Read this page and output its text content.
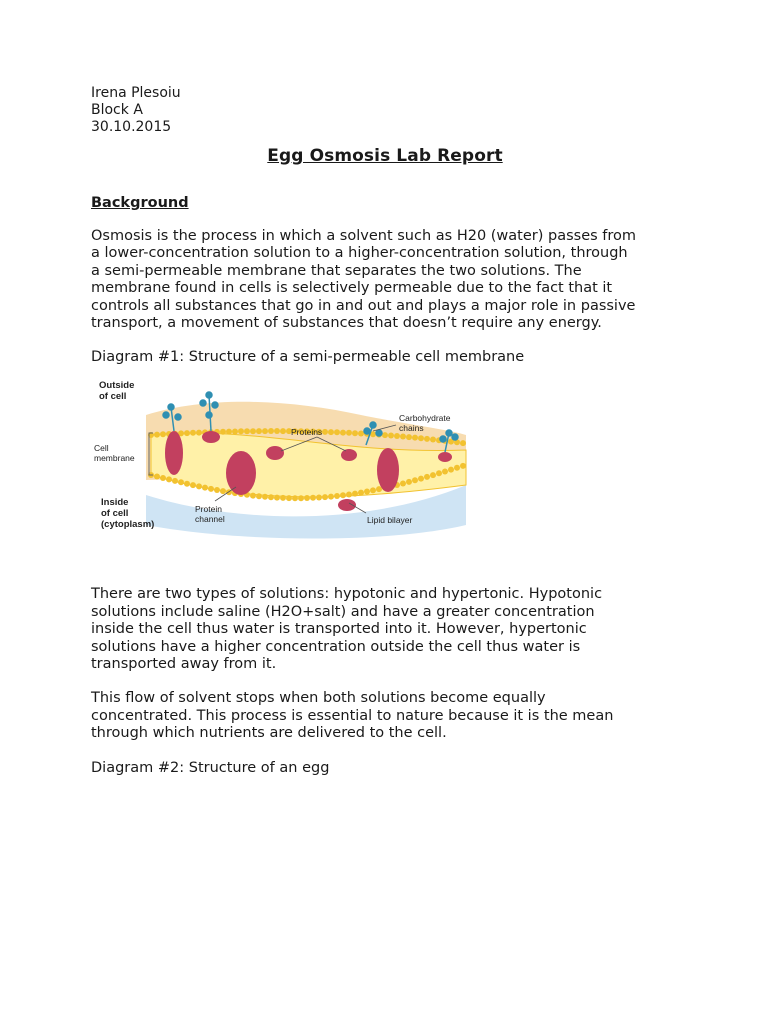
Irena Plesoiu
Block A
30.10.2015
Egg Osmosis Lab Report
Background
Osmosis is the process in which a solvent such as H20 (water) passes from
a lower-concentration solution to a higher-concentration solution, through
a semi-permeable membrane that separates the two solutions. The
membrane found in cells is selectively permeable due to the fact that it
controls all substances that go in and out and plays a major role in passive
transport, a movement of substances that doesn’t require any energy.
Diagram #1: Structure of a semi-permeable cell membrane
Outside of cell
Cell membrane
Inside of cell (cytoplasm)
Proteins
Carbohydrate chains
Protein channel	Lipid bilayer
There are two types of solutions: hypotonic and hypertonic. Hypotonic
solutions include saline (H2O+salt) and have a greater concentration
inside the cell thus water is transported into it. However, hypertonic
solutions have a higher concentration outside the cell thus water is
transported away from it.
This flow of solvent stops when both solutions become equally
concentrated. This process is essential to nature because it is the mean
through which nutrients are delivered to the cell.
Diagram #2: Structure of an egg
